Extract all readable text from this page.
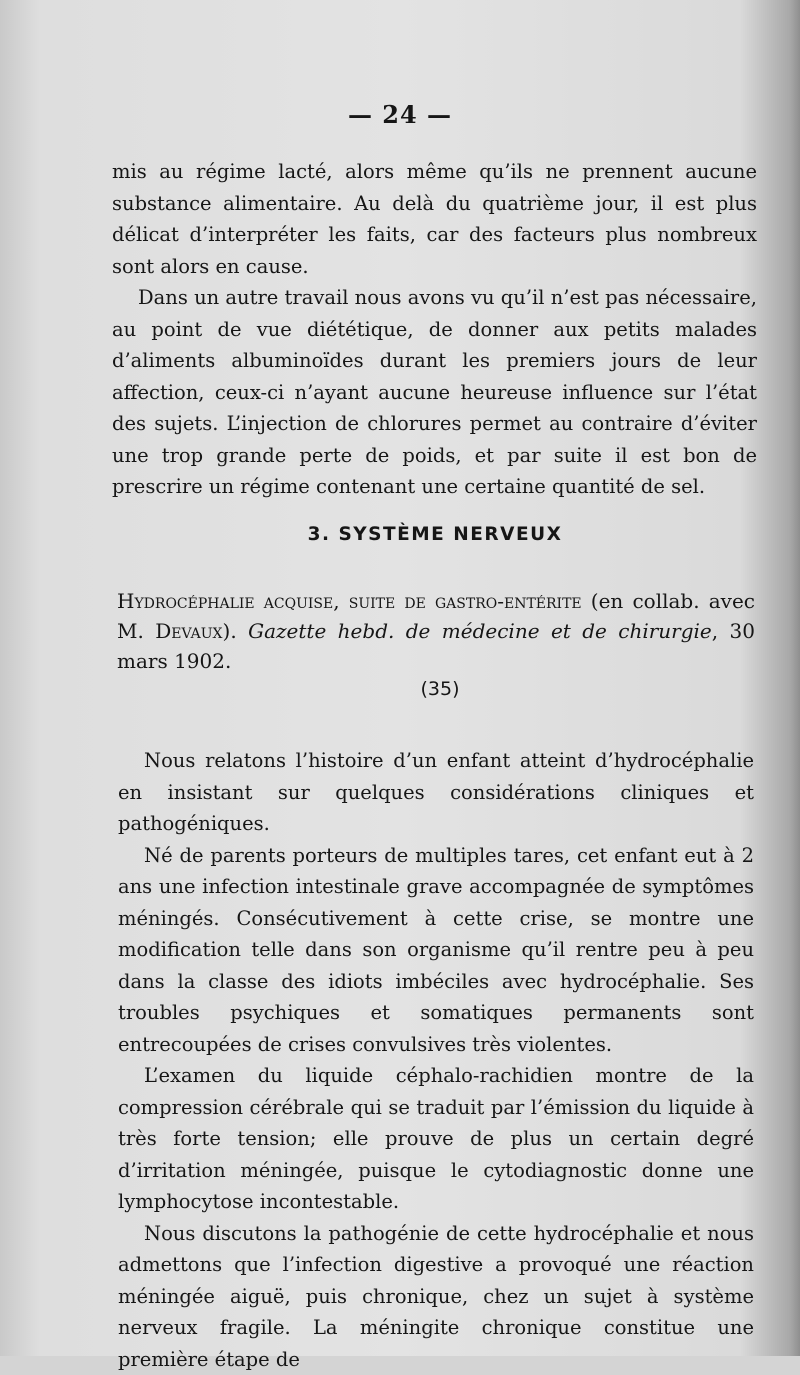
— 24 —

mis au régime lacté, alors même qu’ils ne prennent aucune substance alimentaire. Au delà du quatrième jour, il est plus délicat d’interpréter les faits, car des facteurs plus nombreux sont alors en cause.

Dans un autre travail nous avons vu qu’il n’est pas nécessaire, au point de vue diététique, de donner aux petits malades d’aliments albuminoïdes durant les premiers jours de leur affection, ceux-ci n’ayant aucune heureuse influence sur l’état des sujets. L’injection de chlorures permet au contraire d’éviter une trop grande perte de poids, et par suite il est bon de prescrire un régime contenant une certaine quantité de sel.

3. SYSTÈME NERVEUX
Hydrocéphalie acquise, suite de gastro-entérite (en collab. avec M. Devaux). Gazette hebd. de médecine et de chirurgie, 30 mars 1902.
(35)

Nous relatons l’histoire d’un enfant atteint d’hydrocéphalie en insistant sur quelques considérations cliniques et pathogéniques.

Né de parents porteurs de multiples tares, cet enfant eut à 2 ans une infection intestinale grave accompagnée de symptômes méningés. Consécutivement à cette crise, se montre une modification telle dans son organisme qu’il rentre peu à peu dans la classe des idiots imbéciles avec hydrocéphalie. Ses troubles psychiques et somatiques permanents sont entrecoupées de crises convulsives très violentes.

L’examen du liquide céphalo-rachidien montre de la compression cérébrale qui se traduit par l’émission du liquide à très forte tension; elle prouve de plus un certain degré d’irritation méningée, puisque le cytodiagnostic donne une lymphocytose incontestable.

Nous discutons la pathogénie de cette hydrocéphalie et nous admettons que l’infection digestive a provoqué une réaction méningée aiguë, puis chronique, chez un sujet à système nerveux fragile. La méningite chronique constitue une première étape de
